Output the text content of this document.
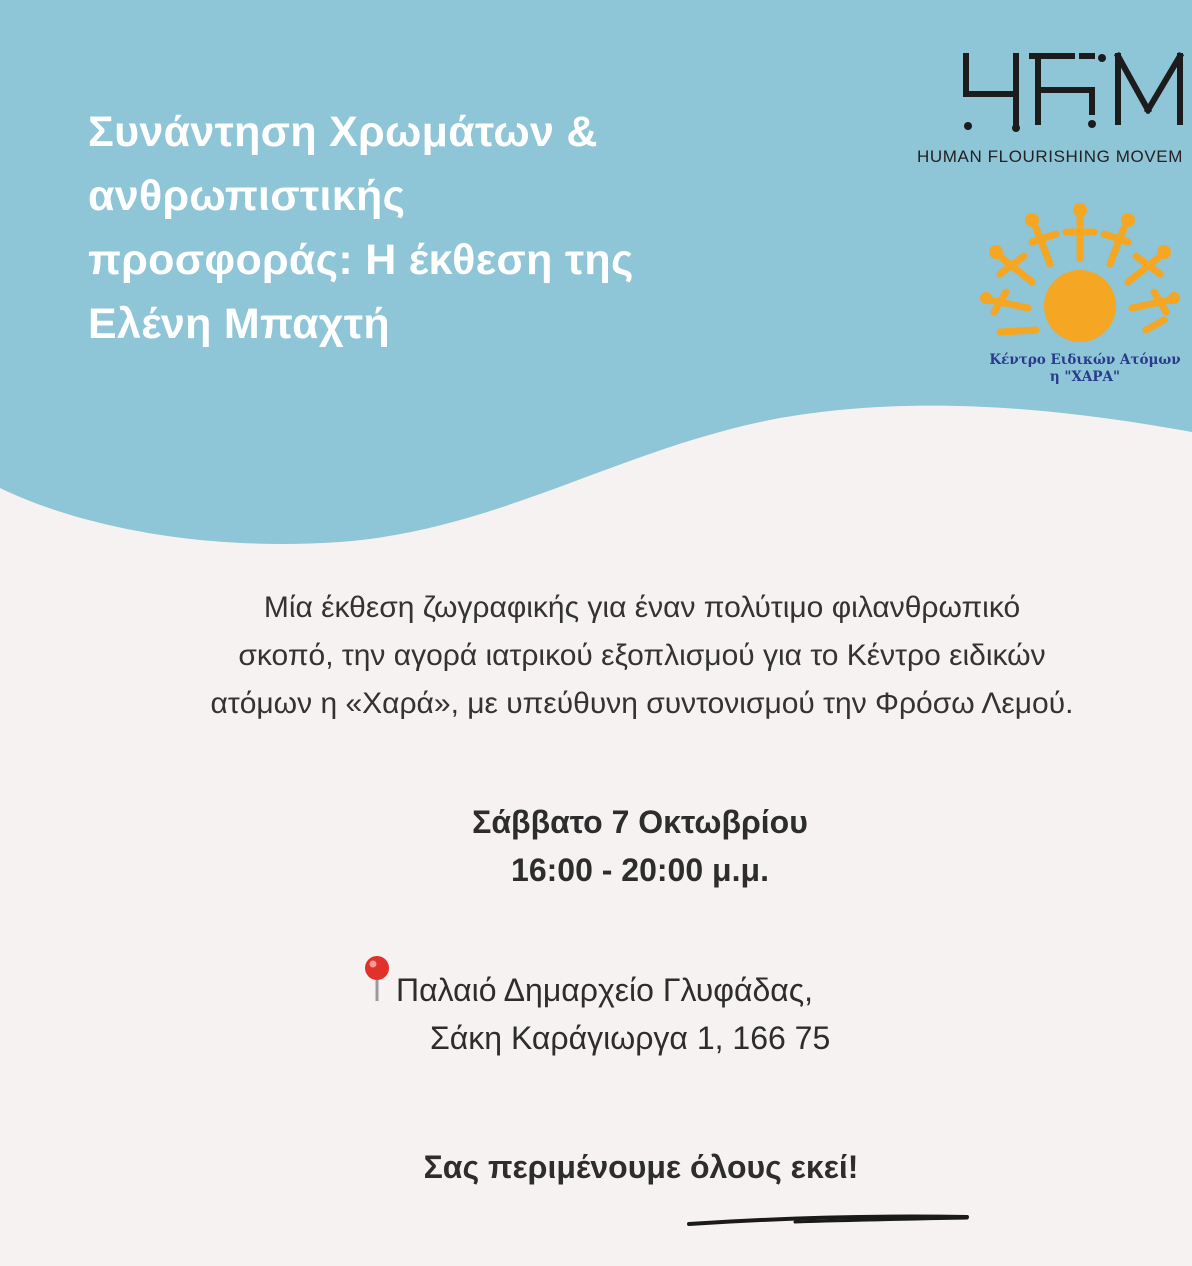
Συνάντηση Χρωμάτων &
ανθρωπιστικής
προσφοράς: Η έκθεση της
Ελένη Μπαχτή
HUMAN FLOURISHING MOVEM
Κέντρο Ειδικών Ατόμων
η "ΧΑΡΑ"
Μία έκθεση ζωγραφικής για έναν πολύτιμο φιλανθρωπικό
σκοπό, την αγορά ιατρικού εξοπλισμού για το Κέντρο ειδικών
ατόμων η «Χαρά», με υπεύθυνη συντονισμού την Φρόσω Λεμού.
Σάββατο 7 Οκτωβρίου
16:00 - 20:00 μ.μ.
Παλαιό Δημαρχείο Γλυφάδας,
Σάκη Καράγιωργα 1, 166 75
Σας περιμένουμε όλους εκεί!
